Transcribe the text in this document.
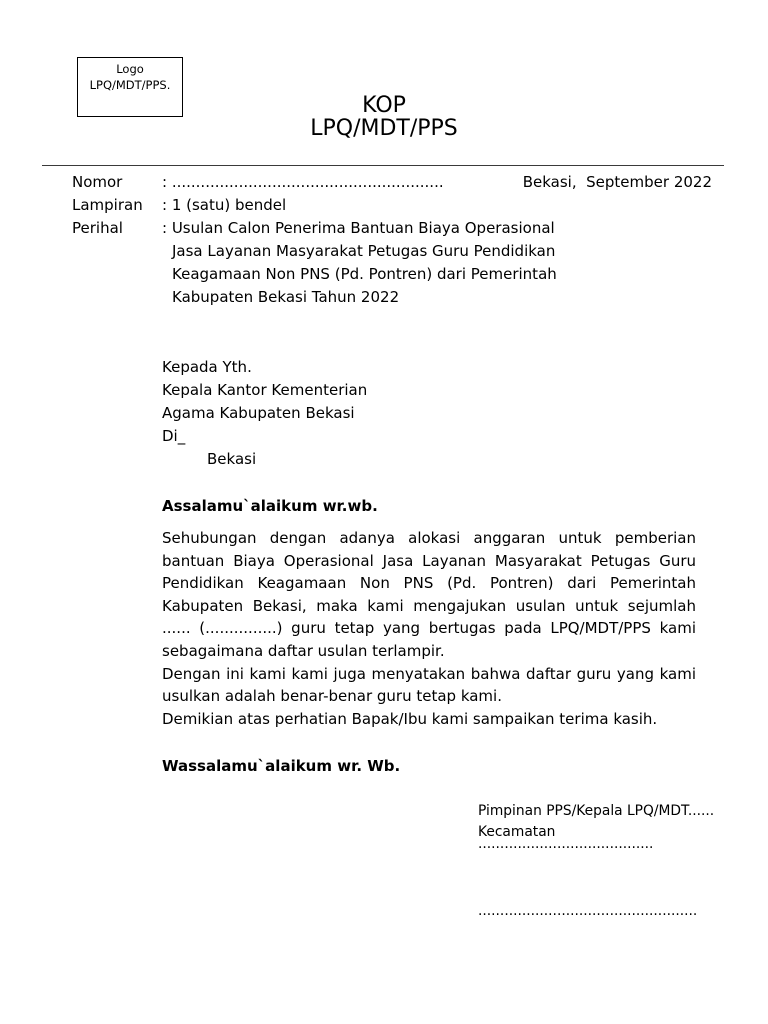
Logo
LPQ/MDT/PPS.
KOP
LPQ/MDT/PPS
Nomor	: .........................................................	Bekasi,  September 2022
Lampiran : 1 (satu) bendel
Perihal	: Usulan Calon Penerima Bantuan Biaya Operasional
Jasa Layanan Masyarakat Petugas Guru Pendidikan
Keagamaan Non PNS (Pd. Pontren) dari Pemerintah
Kabupaten Bekasi Tahun 2022
Kepada Yth.
Kepala Kantor Kementerian
Agama Kabupaten Bekasi
Di_
Bekasi
Assalamu`alaikum wr.wb.
Sehubungan dengan adanya alokasi anggaran untuk pemberian
bantuan Biaya Operasional Jasa Layanan Masyarakat Petugas Guru
Pendidikan Keagamaan Non PNS (Pd. Pontren) dari Pemerintah
Kabupaten Bekasi, maka kami mengajukan usulan untuk sejumlah
...... (...............) guru tetap yang bertugas pada LPQ/MDT/PPS kami
sebagaimana daftar usulan terlampir.
Dengan ini kami kami juga menyatakan bahwa daftar guru yang kami
usulkan adalah benar-benar guru tetap kami.
Demikian atas perhatian Bapak/Ibu kami sampaikan terima kasih.
Wassalamu`alaikum wr. Wb.
Pimpinan PPS/Kepala LPQ/MDT......
Kecamatan
........................................
..................................................
